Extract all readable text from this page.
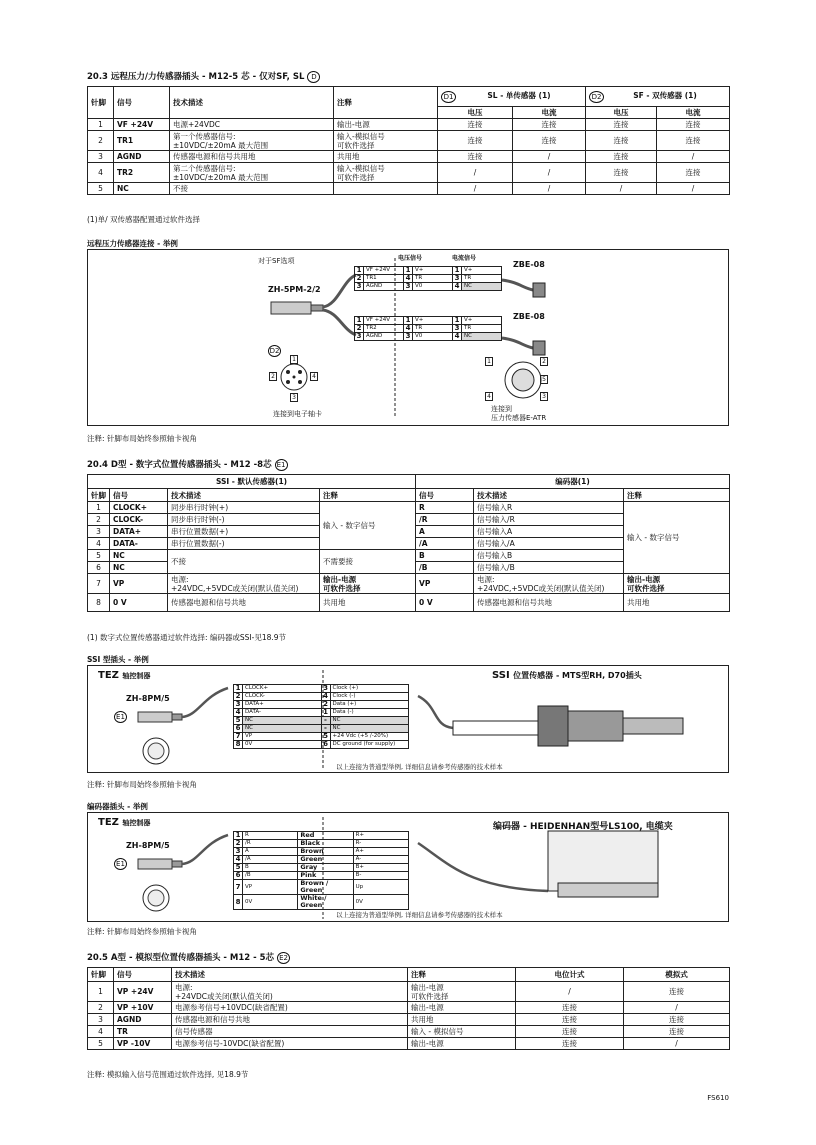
20.3 远程压力/力传感器插头 - M12-5 芯 - 仅对SF, SL D
针脚	信号	技术描述	注释	D1 SL - 单传感器 (1)		D2 SF - 双传感器 (1)	
				电压	电流	电压	电流
1	VF +24V	电源+24VDC	输出-电源	连接	连接	连接	连接
2	TR1	第一个传感器信号:
±10VDC/±20mA 最大范围	输入-模拟信号
可软件选择	连接	连接	连接	连接
3	AGND	传感器电源和信号共用地	共用地	连接	/	连接	/
4	TR2	第二个传感器信号:
±10VDC/±20mA 最大范围	输入-模拟信号
可软件选择	/	/	连接	连接
5	NC	不接		/	/	/	/
(1)单/ 双传感器配置通过软件选择
远程压力传感器连接 - 举例
对于SF选项
ZH-5PM-2/2
电压信号	电流信号
ZBE-08
ZBE-08
1	VF +24V	1	V+	1	V+
2	TR1	4	TR	3	TR
3	AGND	3	V0	4	NC
1	VF +24V	1	V+	1	V+
2	TR2	4	TR	3	TR
3	AGND	3	V0	4	NC
D2
2	4
1
3
连接到电子轴卡
1	2
3
4
5
连接到
压力传感器E-ATR
注释: 针脚布局始终参照轴卡视角
20.4 D型 - 数字式位置传感器插头 - M12 -8芯 E1
SSI - 默认传感器(1)				编码器(1)		
针脚	信号	技术描述	注释	信号	技术描述	注释
1	CLOCK+	同步串行时钟(+)	输入 - 数字信号	R	信号输入R	输入 - 数字信号
2	CLOCK-	同步串行时钟(-)		/R	信号输入/R	
3	DATA+	串行位置数据(+)		A	信号输入A	
4	DATA-	串行位置数据(-)		/A	信号输入/A	
5	NC	不接	不需要接	B	信号输入B	
6	NC			/B	信号输入/B	
7	VP	电源:
+24VDC,+5VDC或关闭(默认值关闭)	输出-电源
可软件选择	VP	电源:
+24VDC,+5VDC或关闭(默认值关闭)	输出-电源
可软件选择
8	0 V	传感器电源和信号共地	共用地	0 V	传感器电源和信号共地	共用地
(1) 数字式位置传感器通过软件选择: 编码器或SSI-见18.9节
SSI 型插头 - 举例
TEZ 轴控制器
ZH-8PM/5
E1
SSI 位置传感器 - MTS型RH, D70插头
1	CLOCK+	3	Clock (+)
2	CLOCK-	4	Clock (-)
3	DATA+	2	Data (+)
4	DATA-	1	Data (-)
5	NC	-	NC
6	NC	-	NC
7	VP	5	+24 Vdc (+5 /-20%)
8	0V	6	DC ground (for supply)
以上连接为普通型举例, 详细信息请参考传感器的技术样本
注释: 针脚布局始终参照轴卡视角
编码器插头 - 举例
TEZ 轴控制器
ZH-8PM/5
E1
编码器 - HEIDENHAN型号LS100, 电缆夹
1	R	Red	R+
2	/R	Black	R-
3	A	Brown	A+
4	/A	Green	A-
5	B	Gray	B+
6	/B	Pink	B-
7	VP	Brown / Green	Up
8	0V	White / Green	0V
以上连接为普通型举例, 详细信息请参考传感器的技术样本
注释: 针脚布局始终参照轴卡视角
20.5 A型 - 模拟型位置传感器插头 - M12 - 5芯 E2
针脚	信号	技术描述	注释	电位计式	模拟式
1	VP +24V	电源:
+24VDC或关闭(默认值关闭)	输出-电源
可软件选择	/	连接
2	VP +10V	电源参考信号+10VDC(缺省配置)	输出-电源	连接	/
3	AGND	传感器电源和信号共地	共用地	连接	连接
4	TR	信号传感器	输入 - 模拟信号	连接	连接
5	VP -10V	电源参考信号-10VDC(缺省配置)	输出-电源	连接	/
注释: 模拟输入信号范围通过软件选择, 见18.9节
FS610
